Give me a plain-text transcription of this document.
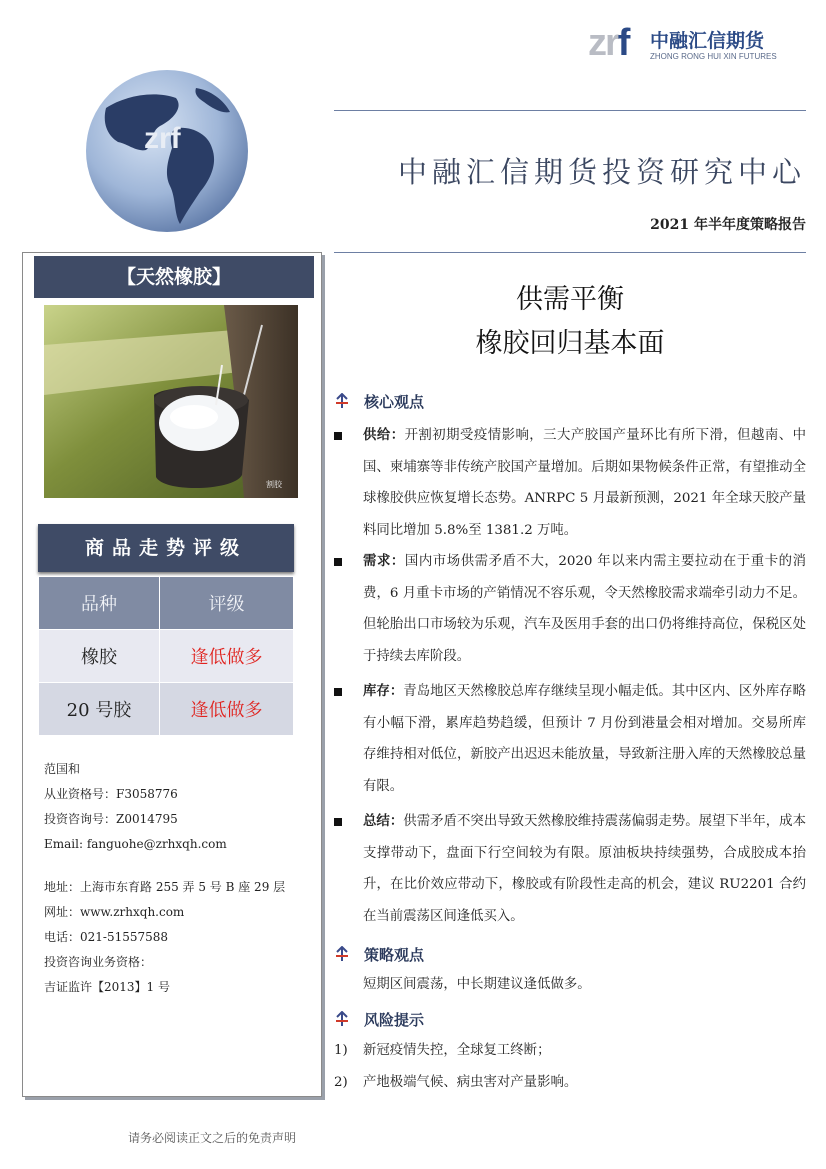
zrf 中融汇信期货
ZHONG RONG HUI XIN FUTURES
zrf
中融汇信期货投资研究中心
2021 年半年度策略报告
【天然橡胶】
割胶
商品走势评级
品种	评级
橡胶	逢低做多
20 号胶	逢低做多
范国和
从业资格号：F3058776
投资咨询号：Z0014795
Email: fanguohe@zrhxqh.com
地址：上海市东育路 255 弄 5 号 B 座 29 层
网址：www.zrhxqh.com
电话：021-51557588
投资咨询业务资格：
吉证监许【2013】1 号
供需平衡
橡胶回归基本面
核心观点
供给：开割初期受疫情影响，三大产胶国产量环比有所下滑，但越南、中国、柬埔寨等非传统产胶国产量增加。后期如果物候条件正常，有望推动全球橡胶供应恢复增长态势。ANRPC 5 月最新预测，2021 年全球天胶产量料同比增加 5.8%至 1381.2 万吨。
需求：国内市场供需矛盾不大，2020 年以来内需主要拉动在于重卡的消费，6 月重卡市场的产销情况不容乐观，令天然橡胶需求端牵引动力不足。但轮胎出口市场较为乐观，汽车及医用手套的出口仍将维持高位，保税区处于持续去库阶段。
库存：青岛地区天然橡胶总库存继续呈现小幅走低。其中区内、区外库存略有小幅下滑，累库趋势趋缓，但预计 7 月份到港量会相对增加。交易所库存维持相对低位，新胶产出迟迟未能放量，导致新注册入库的天然橡胶总量有限。
总结：供需矛盾不突出导致天然橡胶维持震荡偏弱走势。展望下半年，成本支撑带动下，盘面下行空间较为有限。原油板块持续强势，合成胶成本抬升，在比价效应带动下，橡胶或有阶段性走高的机会，建议 RU2201 合约在当前震荡区间逢低买入。
策略观点
短期区间震荡，中长期建议逢低做多。
风险提示
1) 新冠疫情失控，全球复工终断；
2) 产地极端气候、病虫害对产量影响。
请务必阅读正文之后的免责声明
